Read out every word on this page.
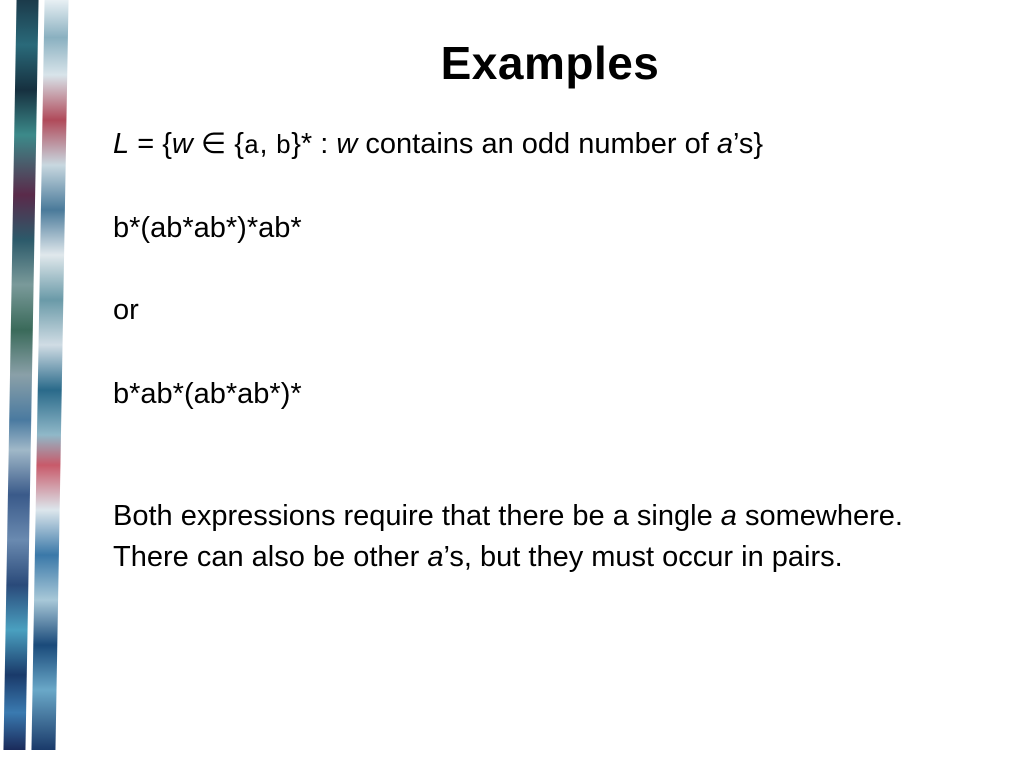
Examples
L = {w ∈ {a, b}* : w contains an odd number of a’s}
b*(ab*ab*)*ab*
or
b*ab*(ab*ab*)*
Both expressions require that there be a single a somewhere. There can also be other a’s, but they must occur in pairs.
